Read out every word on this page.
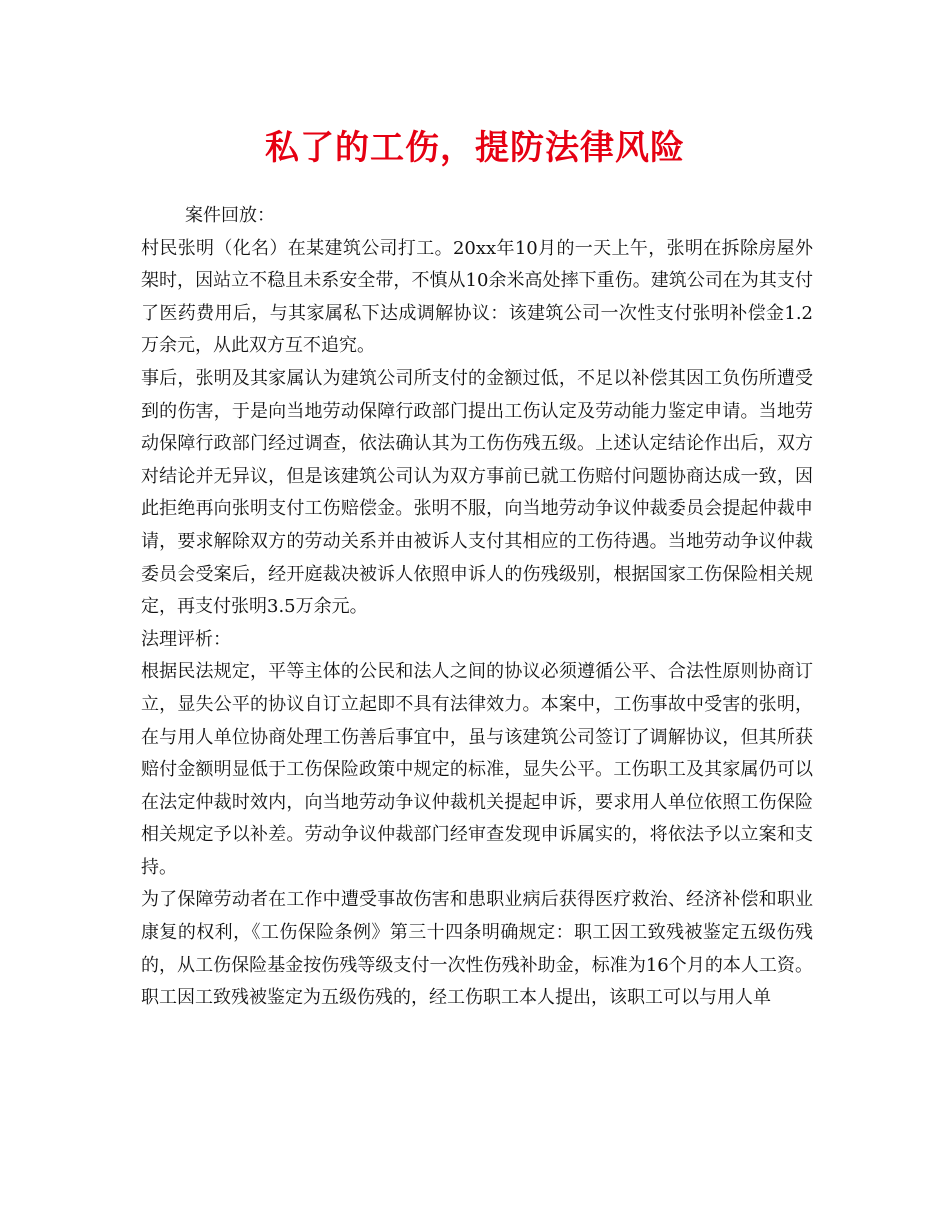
私了的工伤，提防法律风险

案件回放：

村民张明（化名）在某建筑公司打工。20xx年10月的一天上午，张明在拆除房屋外架时，因站立不稳且未系安全带，不慎从10余米高处摔下重伤。建筑公司在为其支付了医药费用后，与其家属私下达成调解协议：该建筑公司一次性支付张明补偿金1.2万余元，从此双方互不追究。

事后，张明及其家属认为建筑公司所支付的金额过低，不足以补偿其因工负伤所遭受到的伤害，于是向当地劳动保障行政部门提出工伤认定及劳动能力鉴定申请。当地劳动保障行政部门经过调查，依法确认其为工伤伤残五级。上述认定结论作出后，双方对结论并无异议，但是该建筑公司认为双方事前已就工伤赔付问题协商达成一致，因此拒绝再向张明支付工伤赔偿金。张明不服，向当地劳动争议仲裁委员会提起仲裁申请，要求解除双方的劳动关系并由被诉人支付其相应的工伤待遇。当地劳动争议仲裁委员会受案后，经开庭裁决被诉人依照申诉人的伤残级别，根据国家工伤保险相关规定，再支付张明3.5万余元。

法理评析：

根据民法规定，平等主体的公民和法人之间的协议必须遵循公平、合法性原则协商订立，显失公平的协议自订立起即不具有法律效力。本案中，工伤事故中受害的张明，在与用人单位协商处理工伤善后事宜中，虽与该建筑公司签订了调解协议，但其所获赔付金额明显低于工伤保险政策中规定的标准，显失公平。工伤职工及其家属仍可以在法定仲裁时效内，向当地劳动争议仲裁机关提起申诉，要求用人单位依照工伤保险相关规定予以补差。劳动争议仲裁部门经审查发现申诉属实的，将依法予以立案和支持。

为了保障劳动者在工作中遭受事故伤害和患职业病后获得医疗救治、经济补偿和职业康复的权利，《工伤保险条例》第三十四条明确规定：职工因工致残被鉴定五级伤残的，从工伤保险基金按伤残等级支付一次性伤残补助金，标准为16个月的本人工资。职工因工致残被鉴定为五级伤残的，经工伤职工本人提出，该职工可以与用人单
